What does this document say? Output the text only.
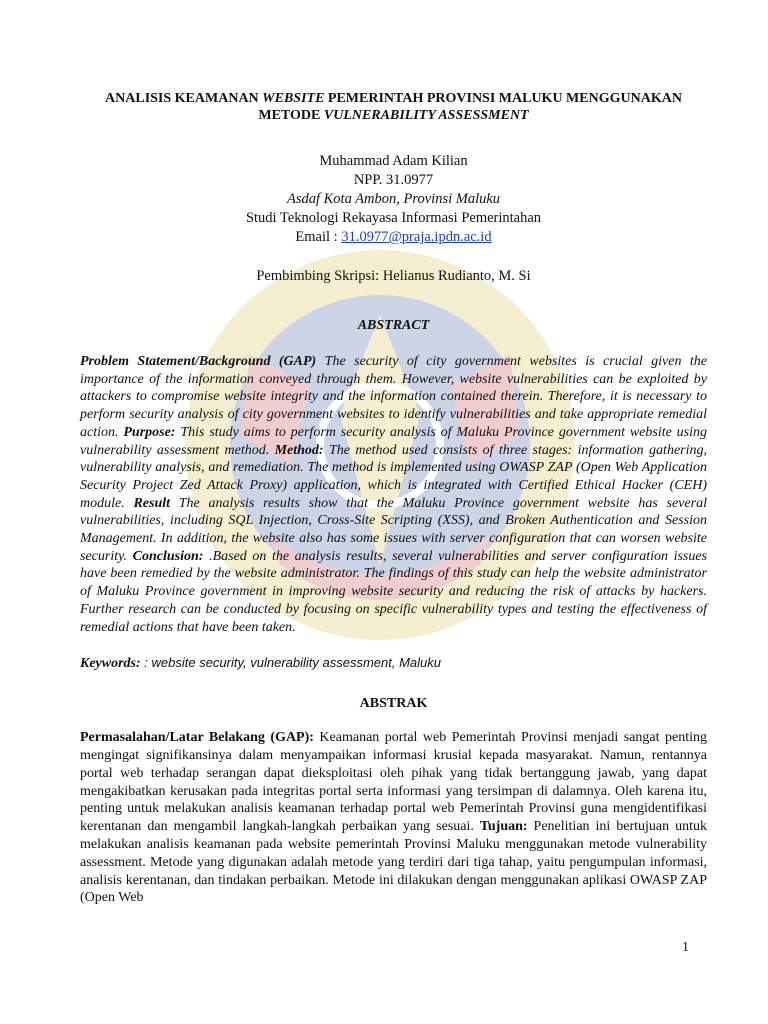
ANALISIS KEAMANAN WEBSITE PEMERINTAH PROVINSI MALUKU MENGGUNAKAN
METODE VULNERABILITY ASSESSMENT
Muhammad Adam Kilian
NPP. 31.0977
Asdaf Kota Ambon, Provinsi Maluku
Studi Teknologi Rekayasa Informasi Pemerintahan
Email : 31.0977@praja.ipdn.ac.id
Pembimbing Skripsi: Helianus Rudianto, M. Si
ABSTRACT

Problem Statement/Background (GAP) The security of city government websites is crucial given the importance of the information conveyed through them. However, website vulnerabilities can be exploited by attackers to compromise website integrity and the information contained therein. Therefore, it is necessary to perform security analysis of city government websites to identify vulnerabilities and take appropriate remedial action. Purpose: This study aims to perform security analysis of Maluku Province government website using vulnerability assessment method. Method: The method used consists of three stages: information gathering, vulnerability analysis, and remediation. The method is implemented using OWASP ZAP (Open Web Application Security Project Zed Attack Proxy) application, which is integrated with Certified Ethical Hacker (CEH) module. Result The analysis results show that the Maluku Province government website has several vulnerabilities, including SQL Injection, Cross-Site Scripting (XSS), and Broken Authentication and Session Management. In addition, the website also has some issues with server configuration that can worsen website security. Conclusion: .Based on the analysis results, several vulnerabilities and server configuration issues have been remedied by the website administrator. The findings of this study can help the website administrator of Maluku Province government in improving website security and reducing the risk of attacks by hackers. Further research can be conducted by focusing on specific vulnerability types and testing the effectiveness of remedial actions that have been taken.

Keywords: : website security, vulnerability assessment, Maluku
ABSTRAK

Permasalahan/Latar Belakang (GAP): Keamanan portal web Pemerintah Provinsi menjadi sangat penting mengingat signifikansinya dalam menyampaikan informasi krusial kepada masyarakat. Namun, rentannya portal web terhadap serangan dapat dieksploitasi oleh pihak yang tidak bertanggung jawab, yang dapat mengakibatkan kerusakan pada integritas portal serta informasi yang tersimpan di dalamnya. Oleh karena itu, penting untuk melakukan analisis keamanan terhadap portal web Pemerintah Provinsi guna mengidentifikasi kerentanan dan mengambil langkah-langkah perbaikan yang sesuai. Tujuan: Penelitian ini bertujuan untuk melakukan analisis keamanan pada website pemerintah Provinsi Maluku menggunakan metode vulnerability assessment. Metode yang digunakan adalah metode yang terdiri dari tiga tahap, yaitu pengumpulan informasi, analisis kerentanan, dan tindakan perbaikan. Metode ini dilakukan dengan menggunakan aplikasi OWASP ZAP (Open Web

1
